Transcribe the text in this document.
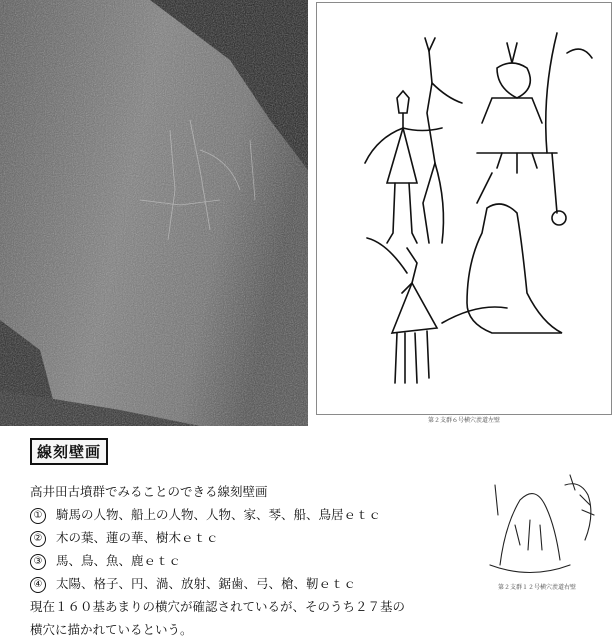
第２支群６号横穴羨道左壁
線刻壁画
高井田古墳群でみることのできる線刻壁画
① 騎馬の人物、船上の人物、人物、家、琴、船、鳥居ｅｔｃ
② 木の葉、蓮の華、樹木ｅｔｃ
③ 馬、鳥、魚、鹿ｅｔｃ
④ 太陽、格子、円、渦、放射、鋸歯、弓、槍、靭ｅｔｃ
現在１６０基あまりの横穴が確認されているが、そのうち２７基の
横穴に描かれているという。
第２支群１２号横穴羨道右壁
